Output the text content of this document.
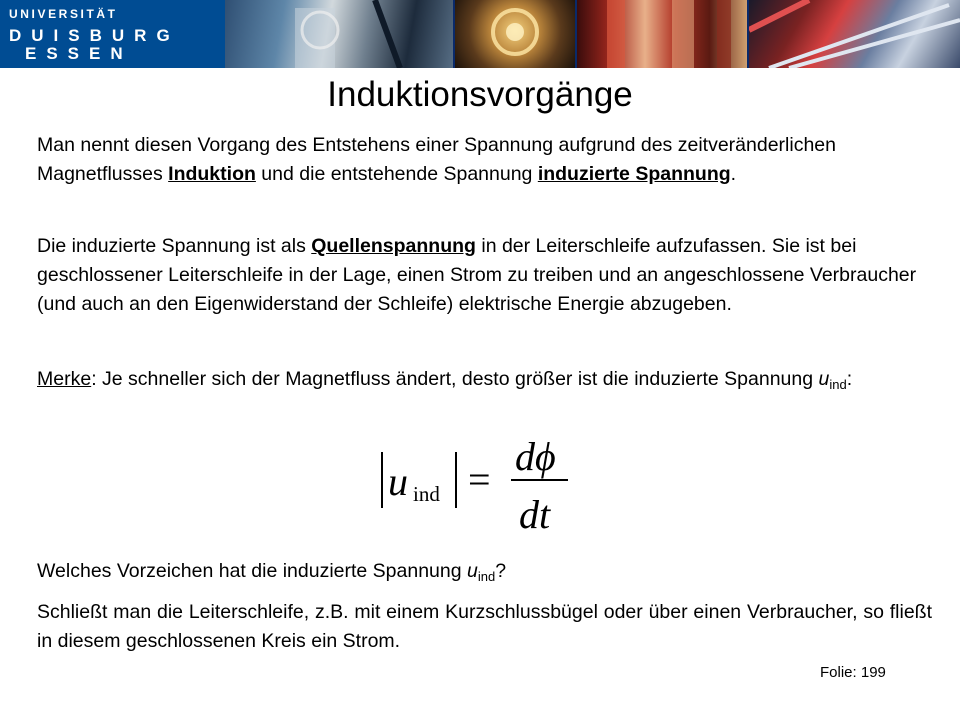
UNIVERSITÄT
DUISBURG
ESSEN
Induktionsvorgänge
Man nennt diesen Vorgang des Entstehens einer Spannung aufgrund des zeitveränderlichen Magnetflusses Induktion und die entstehende Spannung induzierte Spannung.
Die induzierte Spannung ist als Quellenspannung in der Leiterschleife aufzufassen. Sie ist bei geschlossener Leiterschleife in der Lage, einen Strom zu treiben und an angeschlossene Verbraucher (und auch an den Eigenwiderstand der Schleife) elektrische Energie abzugeben.
Merke: Je schneller sich der Magnetfluss ändert, desto größer ist die induzierte Spannung $u_{ind}$:
u ind =
dϕ
dt
Welches Vorzeichen hat die induzierte Spannung $u_{ind}$?
Schließt man die Leiterschleife, z.B. mit einem Kurzschlussbügel oder über einen Verbraucher, so fließt in diesem geschlossenen Kreis ein Strom.
Folie: 199
